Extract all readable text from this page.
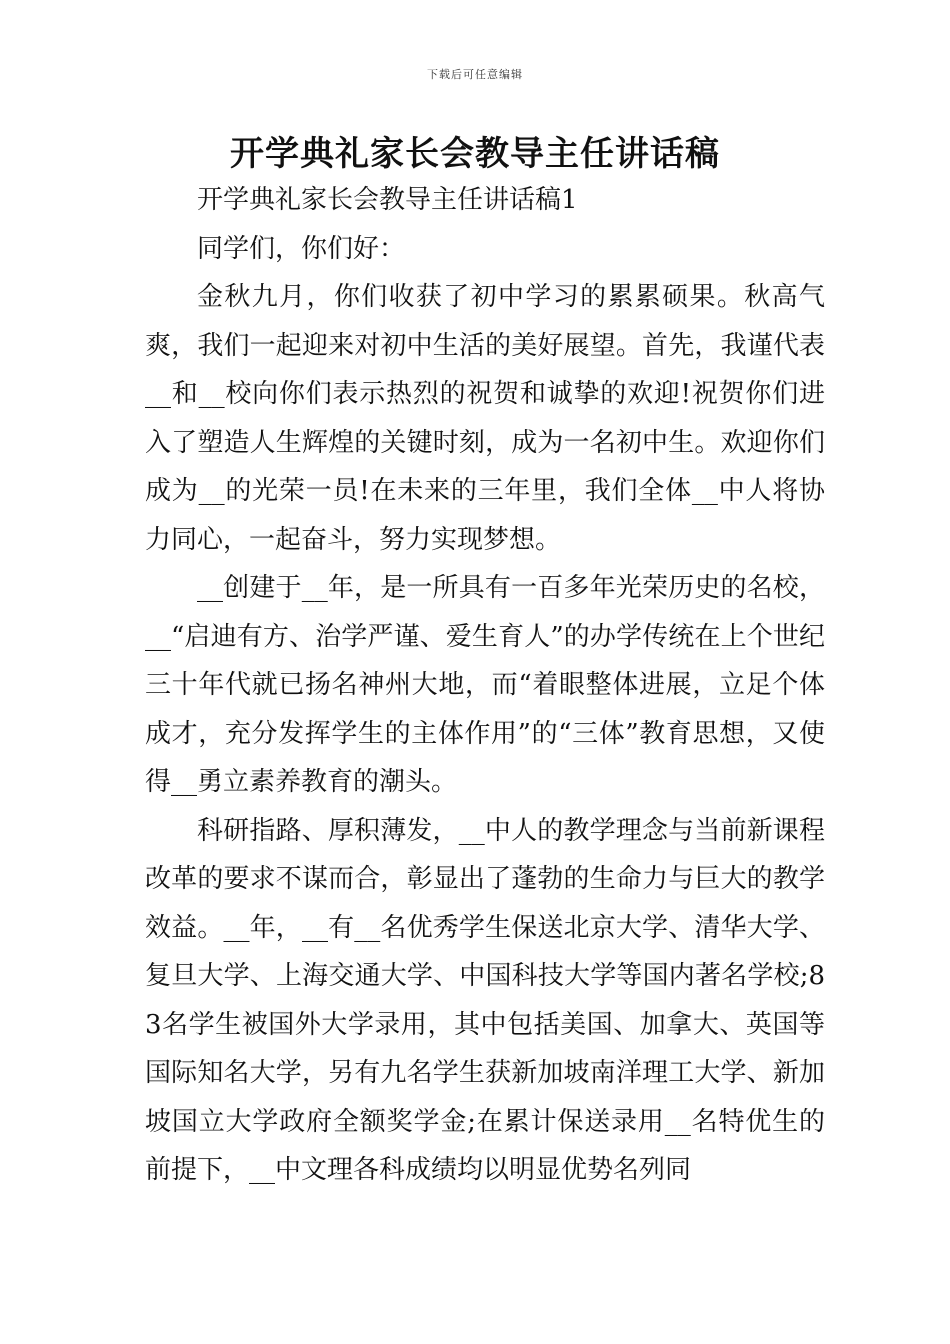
下载后可任意编辑
开学典礼家长会教导主任讲话稿

开学典礼家长会教导主任讲话稿1

同学们，你们好：

金秋九月，你们收获了初中学习的累累硕果。秋高气爽，我们一起迎来对初中生活的美好展望。首先，我谨代表__和__校向你们表示热烈的祝贺和诚挚的欢迎!祝贺你们进入了塑造人生辉煌的关键时刻，成为一名初中生。欢迎你们成为__的光荣一员!在未来的三年里，我们全体__中人将协力同心，一起奋斗，努力实现梦想。

__创建于__年，是一所具有一百多年光荣历史的名校，__“启迪有方、治学严谨、爱生育人”的办学传统在上个世纪三十年代就已扬名神州大地，而“着眼整体进展，立足个体成才，充分发挥学生的主体作用”的“三体”教育思想，又使得__勇立素养教育的潮头。

科研指路、厚积薄发，__中人的教学理念与当前新课程改革的要求不谋而合，彰显出了蓬勃的生命力与巨大的教学效益。__年，__有__名优秀学生保送北京大学、清华大学、复旦大学、上海交通大学、中国科技大学等国内著名学校;83名学生被国外大学录用，其中包括美国、加拿大、英国等国际知名大学，另有九名学生获新加坡南洋理工大学、新加坡国立大学政府全额奖学金;在累计保送录用__名特优生的前提下，__中文理各科成绩均以明显优势名列同
